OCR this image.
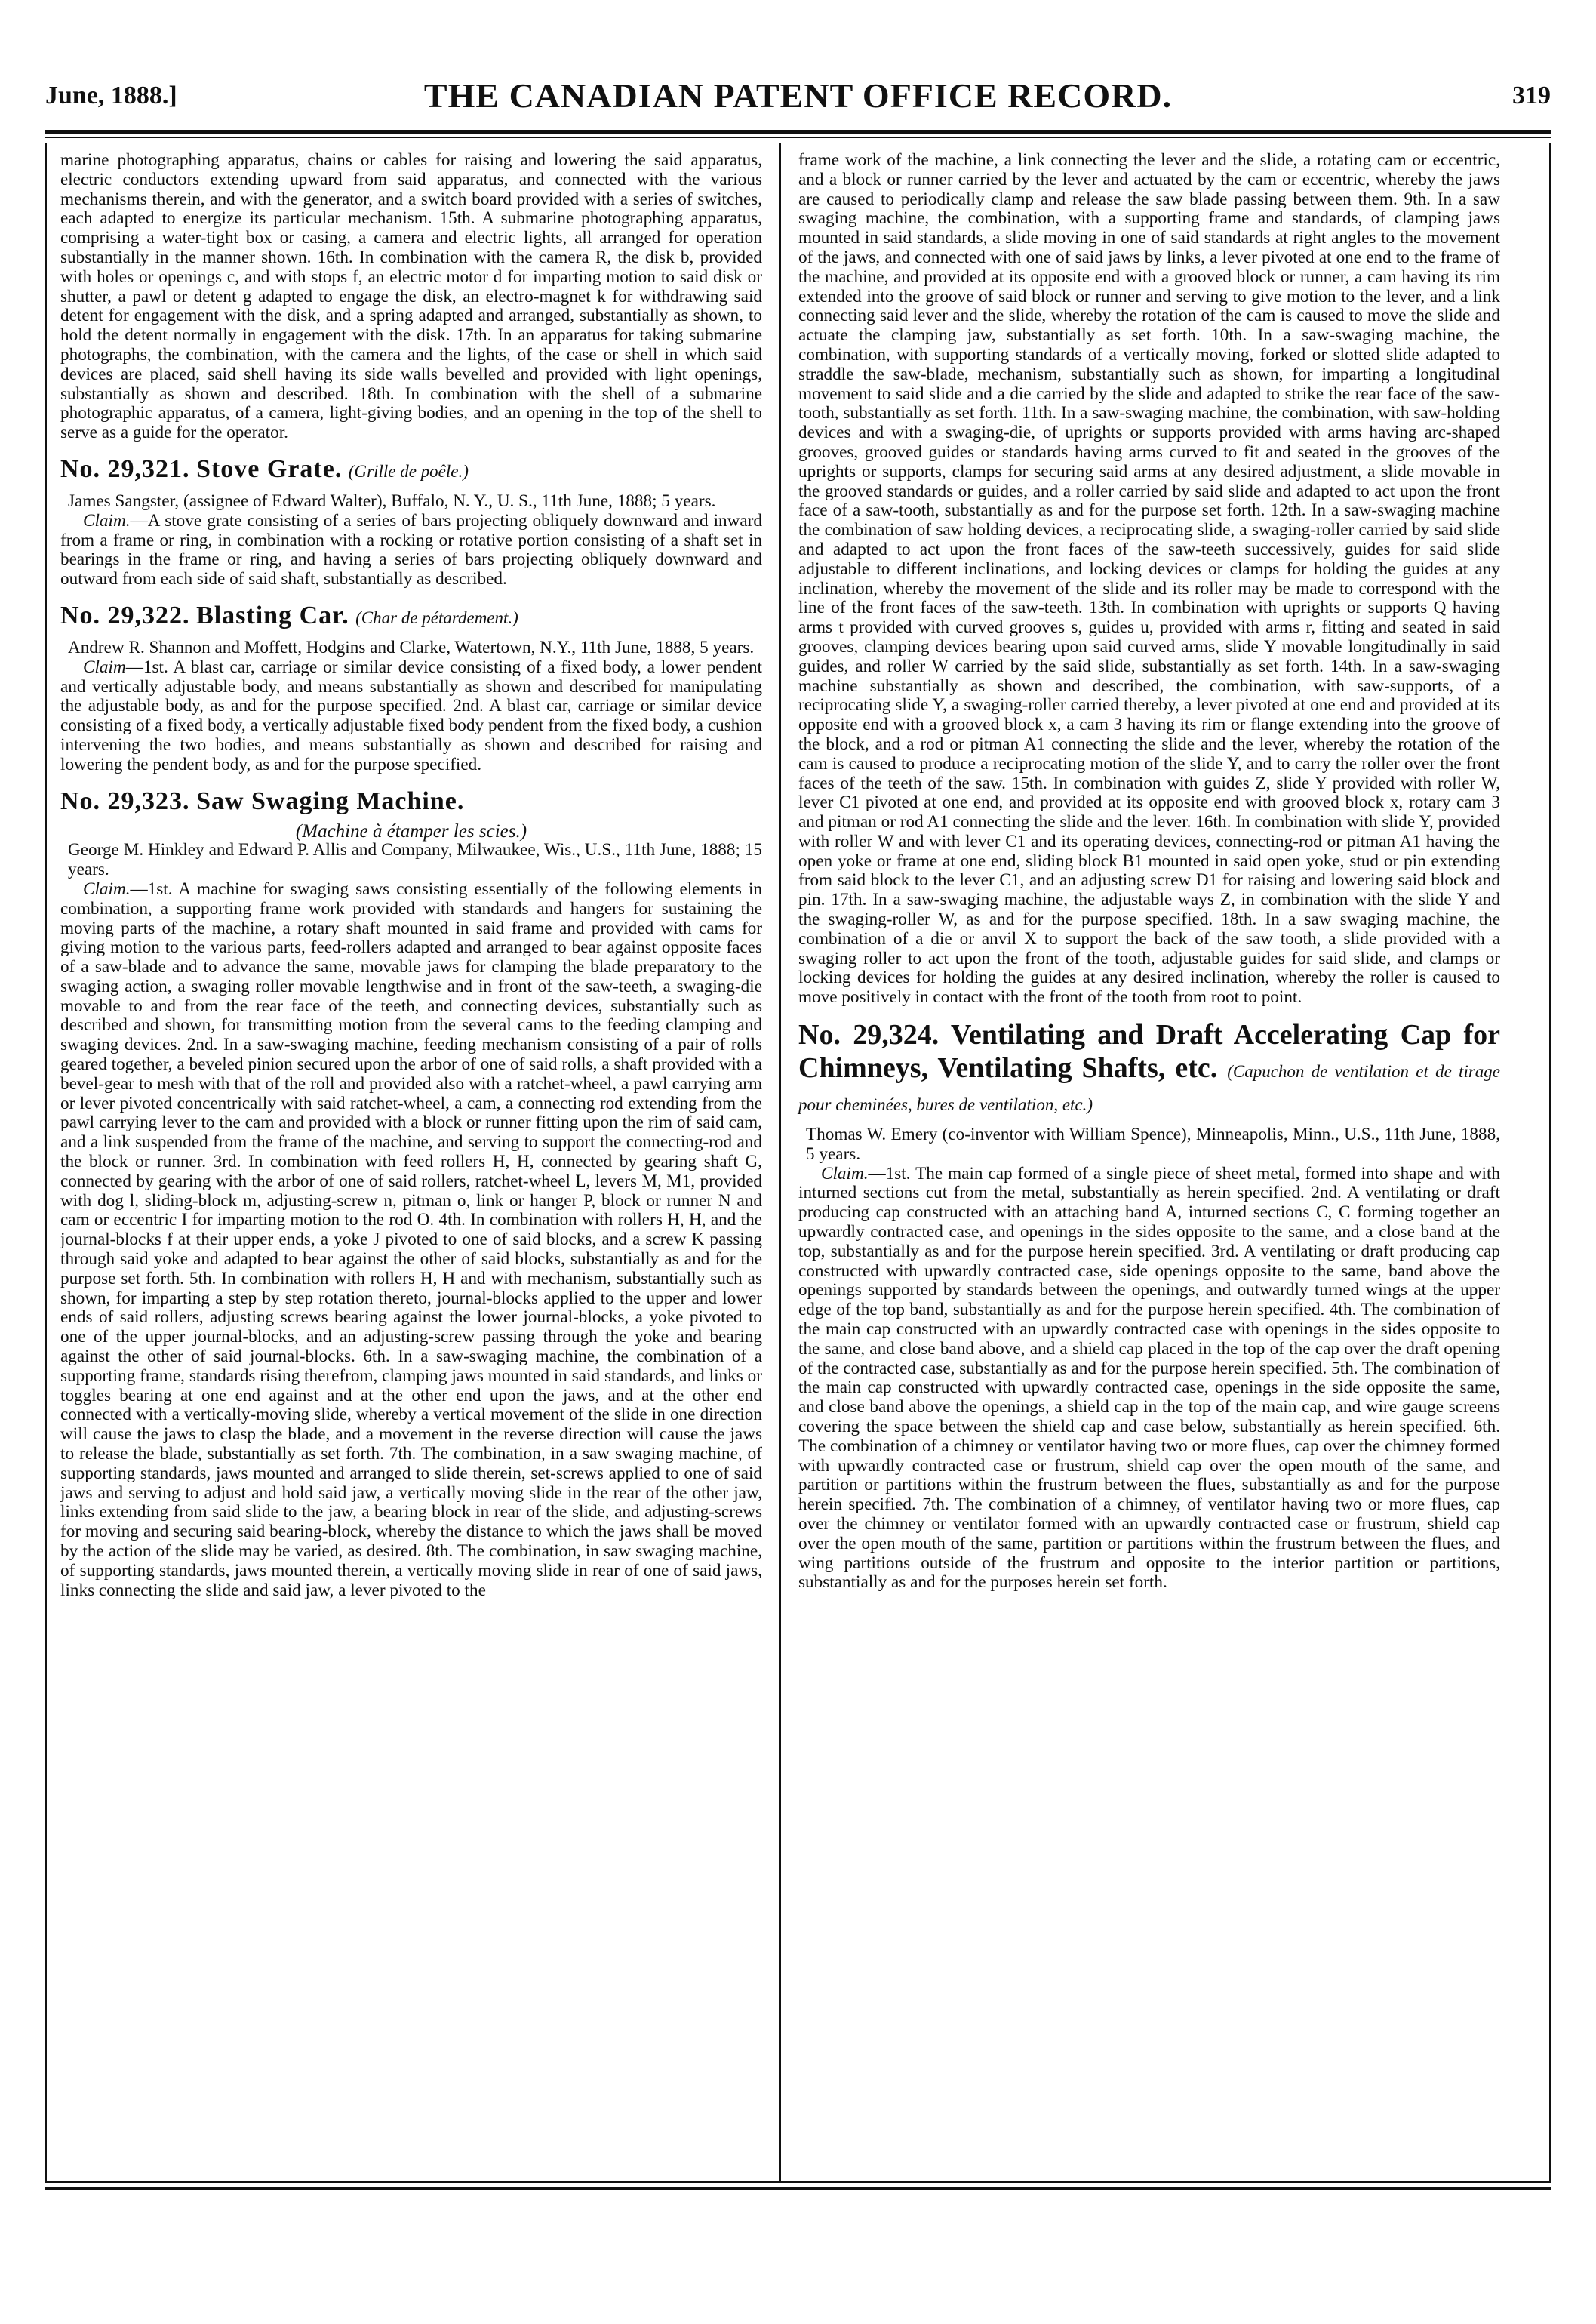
June, 1888.]	THE CANADIAN PATENT OFFICE RECORD.	319

marine photographing apparatus, chains or cables for raising and lowering the said apparatus, electric conductors extending upward from said apparatus, and connected with the various mechanisms therein, and with the generator, and a switch board provided with a series of switches, each adapted to energize its particular mechanism. 15th. A submarine photographing apparatus, comprising a water-tight box or casing, a camera and electric lights, all arranged for operation substantially in the manner shown. 16th. In combination with the camera R, the disk b, provided with holes or openings c, and with stops f, an electric motor d for imparting motion to said disk or shutter, a pawl or detent g adapted to engage the disk, an electro-magnet k for withdrawing said detent for engagement with the disk, and a spring adapted and arranged, substantially as shown, to hold the detent normally in engagement with the disk. 17th. In an apparatus for taking submarine photographs, the combination, with the camera and the lights, of the case or shell in which said devices are placed, said shell having its side walls bevelled and provided with light openings, substantially as shown and described. 18th. In combination with the shell of a submarine photographic apparatus, of a camera, light-giving bodies, and an opening in the top of the shell to serve as a guide for the operator.

No. 29,321. Stove Grate. (Grille de poêle.)

James Sangster, (assignee of Edward Walter), Buffalo, N. Y., U. S., 11th June, 1888; 5 years.

Claim.—A stove grate consisting of a series of bars projecting obliquely downward and inward from a frame or ring, in combination with a rocking or rotative portion consisting of a shaft set in bearings in the frame or ring, and having a series of bars projecting obliquely downward and outward from each side of said shaft, substantially as described.

No. 29,322. Blasting Car. (Char de pétardement.)

Andrew R. Shannon and Moffett, Hodgins and Clarke, Watertown, N.Y., 11th June, 1888, 5 years.

Claim—1st. A blast car, carriage or similar device consisting of a fixed body, a lower pendent and vertically adjustable body, and means substantially as shown and described for manipulating the adjustable body, as and for the purpose specified. 2nd. A blast car, carriage or similar device consisting of a fixed body, a vertically adjustable fixed body pendent from the fixed body, a cushion intervening the two bodies, and means substantially as shown and described for raising and lowering the pendent body, as and for the purpose specified.

No. 29,323. Saw Swaging Machine.

(Machine à étamper les scies.)

George M. Hinkley and Edward P. Allis and Company, Milwaukee, Wis., U.S., 11th June, 1888; 15 years.

Claim.—1st. A machine for swaging saws consisting essentially of the following elements in combination, a supporting frame work provided with standards and hangers for sustaining the moving parts of the machine, a rotary shaft mounted in said frame and provided with cams for giving motion to the various parts, feed-rollers adapted and arranged to bear against opposite faces of a saw-blade and to advance the same, movable jaws for clamping the blade preparatory to the swaging action, a swaging roller movable lengthwise and in front of the saw-teeth, a swaging-die movable to and from the rear face of the teeth, and connecting devices, substantially such as described and shown, for transmitting motion from the several cams to the feeding clamping and swaging devices. 2nd. In a saw-swaging machine, feeding mechanism consisting of a pair of rolls geared together, a beveled pinion secured upon the arbor of one of said rolls, a shaft provided with a bevel-gear to mesh with that of the roll and provided also with a ratchet-wheel, a pawl carrying arm or lever pivoted concentrically with said ratchet-wheel, a cam, a connecting rod extending from the pawl carrying lever to the cam and provided with a block or runner fitting upon the rim of said cam, and a link suspended from the frame of the machine, and serving to support the connecting-rod and the block or runner. 3rd. In combination with feed rollers H, H, connected by gearing shaft G, connected by gearing with the arbor of one of said rollers, ratchet-wheel L, levers M, M1, provided with dog l, sliding-block m, adjusting-screw n, pitman o, link or hanger P, block or runner N and cam or eccentric I for imparting motion to the rod O. 4th. In combination with rollers H, H, and the journal-blocks f at their upper ends, a yoke J pivoted to one of said blocks, and a screw K passing through said yoke and adapted to bear against the other of said blocks, substantially as and for the purpose set forth. 5th. In combination with rollers H, H and with mechanism, substantially such as shown, for imparting a step by step rotation thereto, journal-blocks applied to the upper and lower ends of said rollers, adjusting screws bearing against the lower journal-blocks, a yoke pivoted to one of the upper journal-blocks, and an adjusting-screw passing through the yoke and bearing against the other of said journal-blocks. 6th. In a saw-swaging machine, the combination of a supporting frame, standards rising therefrom, clamping jaws mounted in said standards, and links or toggles bearing at one end against and at the other end upon the jaws, and at the other end connected with a vertically-moving slide, whereby a vertical movement of the slide in one direction will cause the jaws to clasp the blade, and a movement in the reverse direction will cause the jaws to release the blade, substantially as set forth. 7th. The combination, in a saw swaging machine, of supporting standards, jaws mounted and arranged to slide therein, set-screws applied to one of said jaws and serving to adjust and hold said jaw, a vertically moving slide in the rear of the other jaw, links extending from said slide to the jaw, a bearing block in rear of the slide, and adjusting-screws for moving and securing said bearing-block, whereby the distance to which the jaws shall be moved by the action of the slide may be varied, as desired. 8th. The combination, in saw swaging machine, of supporting standards, jaws mounted therein, a vertically moving slide in rear of one of said jaws, links connecting the slide and said jaw, a lever pivoted to the

frame work of the machine, a link connecting the lever and the slide, a rotating cam or eccentric, and a block or runner carried by the lever and actuated by the cam or eccentric, whereby the jaws are caused to periodically clamp and release the saw blade passing between them. 9th. In a saw swaging machine, the combination, with a supporting frame and standards, of clamping jaws mounted in said standards, a slide moving in one of said standards at right angles to the movement of the jaws, and connected with one of said jaws by links, a lever pivoted at one end to the frame of the machine, and provided at its opposite end with a grooved block or runner, a cam having its rim extended into the groove of said block or runner and serving to give motion to the lever, and a link connecting said lever and the slide, whereby the rotation of the cam is caused to move the slide and actuate the clamping jaw, substantially as set forth. 10th. In a saw-swaging machine, the combination, with supporting standards of a vertically moving, forked or slotted slide adapted to straddle the saw-blade, mechanism, substantially such as shown, for imparting a longitudinal movement to said slide and a die carried by the slide and adapted to strike the rear face of the saw-tooth, substantially as set forth. 11th. In a saw-swaging machine, the combination, with saw-holding devices and with a swaging-die, of uprights or supports provided with arms having arc-shaped grooves, grooved guides or standards having arms curved to fit and seated in the grooves of the uprights or supports, clamps for securing said arms at any desired adjustment, a slide movable in the grooved standards or guides, and a roller carried by said slide and adapted to act upon the front face of a saw-tooth, substantially as and for the purpose set forth. 12th. In a saw-swaging machine the combination of saw holding devices, a reciprocating slide, a swaging-roller carried by said slide and adapted to act upon the front faces of the saw-teeth successively, guides for said slide adjustable to different inclinations, and locking devices or clamps for holding the guides at any inclination, whereby the movement of the slide and its roller may be made to correspond with the line of the front faces of the saw-teeth. 13th. In combination with uprights or supports Q having arms t provided with curved grooves s, guides u, provided with arms r, fitting and seated in said grooves, clamping devices bearing upon said curved arms, slide Y movable longitudinally in said guides, and roller W carried by the said slide, substantially as set forth. 14th. In a saw-swaging machine substantially as shown and described, the combination, with saw-supports, of a reciprocating slide Y, a swaging-roller carried thereby, a lever pivoted at one end and provided at its opposite end with a grooved block x, a cam 3 having its rim or flange extending into the groove of the block, and a rod or pitman A1 connecting the slide and the lever, whereby the rotation of the cam is caused to produce a reciprocating motion of the slide Y, and to carry the roller over the front faces of the teeth of the saw. 15th. In combination with guides Z, slide Y provided with roller W, lever C1 pivoted at one end, and provided at its opposite end with grooved block x, rotary cam 3 and pitman or rod A1 connecting the slide and the lever. 16th. In combination with slide Y, provided with roller W and with lever C1 and its operating devices, connecting-rod or pitman A1 having the open yoke or frame at one end, sliding block B1 mounted in said open yoke, stud or pin extending from said block to the lever C1, and an adjusting screw D1 for raising and lowering said block and pin. 17th. In a saw-swaging machine, the adjustable ways Z, in combination with the slide Y and the swaging-roller W, as and for the purpose specified. 18th. In a saw swaging machine, the combination of a die or anvil X to support the back of the saw tooth, a slide provided with a swaging roller to act upon the front of the tooth, adjustable guides for said slide, and clamps or locking devices for holding the guides at any desired inclination, whereby the roller is caused to move positively in contact with the front of the tooth from root to point.

No. 29,324. Ventilating and Draft Accelerating Cap for Chimneys, Ventilating Shafts, etc. (Capuchon de ventilation et de tirage pour cheminées, bures de ventilation, etc.)

Thomas W. Emery (co-inventor with William Spence), Minneapolis, Minn., U.S., 11th June, 1888, 5 years.

Claim.—1st. The main cap formed of a single piece of sheet metal, formed into shape and with inturned sections cut from the metal, substantially as herein specified. 2nd. A ventilating or draft producing cap constructed with an attaching band A, inturned sections C, C forming together an upwardly contracted case, and openings in the sides opposite to the same, and a close band at the top, substantially as and for the purpose herein specified. 3rd. A ventilating or draft producing cap constructed with upwardly contracted case, side openings opposite to the same, band above the openings supported by standards between the openings, and outwardly turned wings at the upper edge of the top band, substantially as and for the purpose herein specified. 4th. The combination of the main cap constructed with an upwardly contracted case with openings in the sides opposite to the same, and close band above, and a shield cap placed in the top of the cap over the draft opening of the contracted case, substantially as and for the purpose herein specified. 5th. The combination of the main cap constructed with upwardly contracted case, openings in the side opposite the same, and close band above the openings, a shield cap in the top of the main cap, and wire gauge screens covering the space between the shield cap and case below, substantially as herein specified. 6th. The combination of a chimney or ventilator having two or more flues, cap over the chimney formed with upwardly contracted case or frustrum, shield cap over the open mouth of the same, and partition or partitions within the frustrum between the flues, substantially as and for the purpose herein specified. 7th. The combination of a chimney, of ventilator having two or more flues, cap over the chimney or ventilator formed with an upwardly contracted case or frustrum, shield cap over the open mouth of the same, partition or partitions within the frustrum between the flues, and wing partitions outside of the frustrum and opposite to the interior partition or partitions, substantially as and for the purposes herein set forth.
